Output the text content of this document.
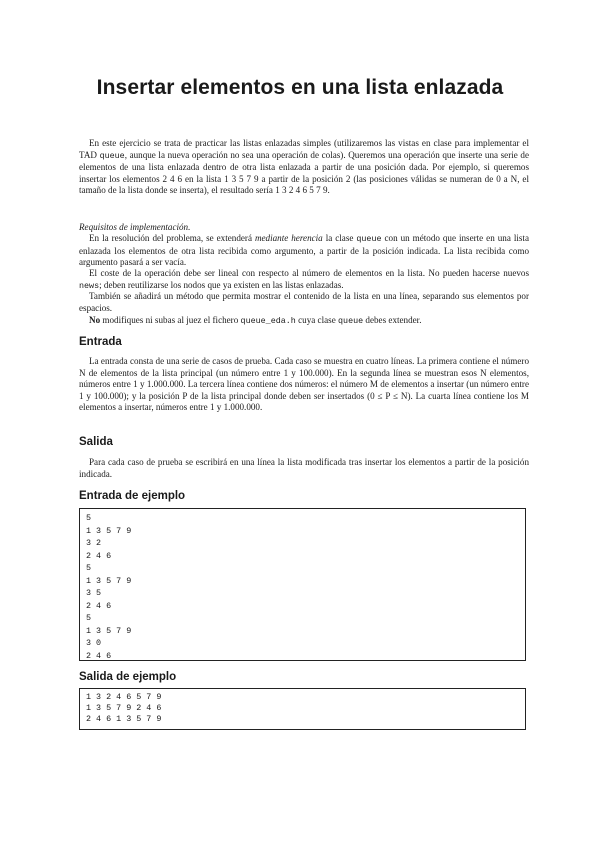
Insertar elementos en una lista enlazada

En este ejercicio se trata de practicar las listas enlazadas simples (utilizaremos las vistas en clase para implementar el TAD queue, aunque la nueva operación no sea una operación de colas). Queremos una operación que inserte una serie de elementos de una lista enlazada dentro de otra lista enlazada a partir de una posición dada. Por ejemplo, si queremos insertar los elementos 2 4 6 en la lista 1 3 5 7 9 a partir de la posición 2 (las posiciones válidas se numeran de 0 a N, el tamaño de la lista donde se inserta), el resultado sería 1 3 2 4 6 5 7 9.

Requisitos de implementación.

En la resolución del problema, se extenderá mediante herencia la clase queue con un método que inserte en una lista enlazada los elementos de otra lista recibida como argumento, a partir de la posición indicada. La lista recibida como argumento pasará a ser vacía.

El coste de la operación debe ser lineal con respecto al número de elementos en la lista. No pueden hacerse nuevos news; deben reutilizarse los nodos que ya existen en las listas enlazadas.

También se añadirá un método que permita mostrar el contenido de la lista en una línea, separando sus elementos por espacios.

No modifiques ni subas al juez el fichero queue_eda.h cuya clase queue debes extender.

Entrada

La entrada consta de una serie de casos de prueba. Cada caso se muestra en cuatro líneas. La primera contiene el número N de elementos de la lista principal (un número entre 1 y 100.000). En la segunda línea se muestran esos N elementos, números entre 1 y 1.000.000. La tercera línea contiene dos números: el número M de elementos a insertar (un número entre 1 y 100.000); y la posición P de la lista principal donde deben ser insertados (0 ≤ P ≤ N). La cuarta línea contiene los M elementos a insertar, números entre 1 y 1.000.000.

Salida

Para cada caso de prueba se escribirá en una línea la lista modificada tras insertar los elementos a partir de la posición indicada.

Entrada de ejemplo
5
1 3 5 7 9
3 2
2 4 6
5
1 3 5 7 9
3 5
2 4 6
5
1 3 5 7 9
3 0
2 4 6
Salida de ejemplo
1 3 2 4 6 5 7 9
1 3 5 7 9 2 4 6
2 4 6 1 3 5 7 9
